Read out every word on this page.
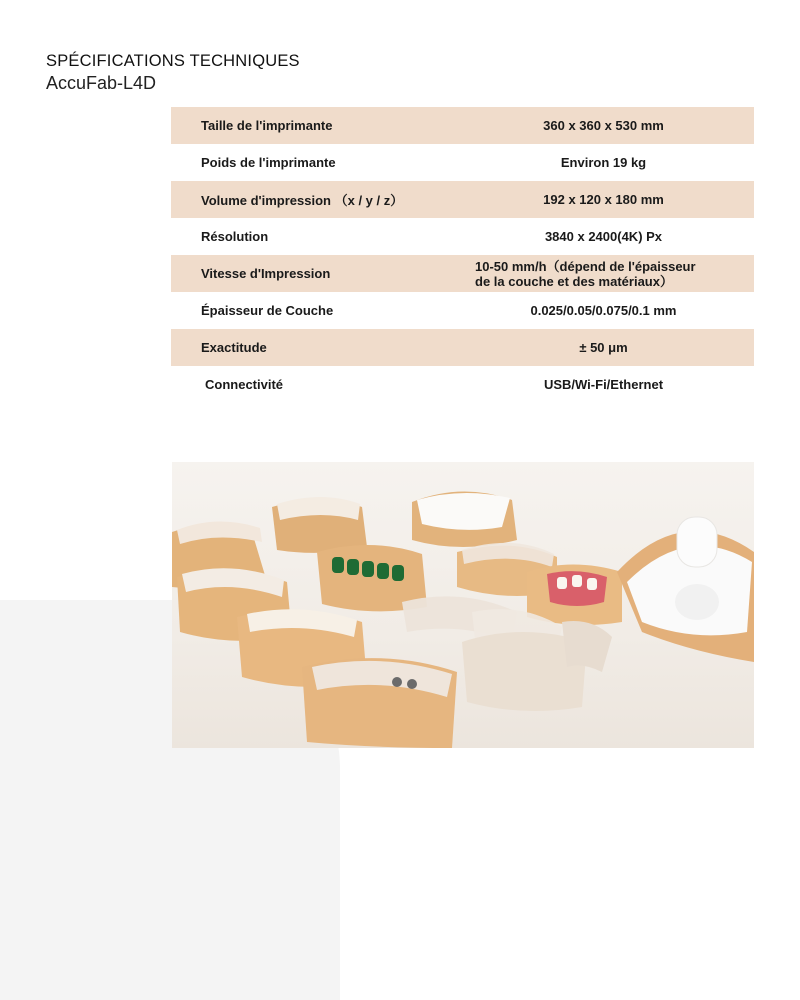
SPÉCIFICATIONS TECHNIQUES
AccuFab-L4D
Taille de l'imprimante	360 x 360 x 530 mm
Poids de l'imprimante	Environ 19 kg
Volume d'impression （x / y / z）	192 x 120 x 180 mm
Résolution	3840 x 2400(4K) Px
Vitesse d'Impression	10-50 mm/h（dépend de l'épaisseur
de la couche et des matériaux）
Épaisseur de Couche	0.025/0.05/0.075/0.1 mm
Exactitude	± 50 μm
Connectivité	USB/Wi-Fi/Ethernet
